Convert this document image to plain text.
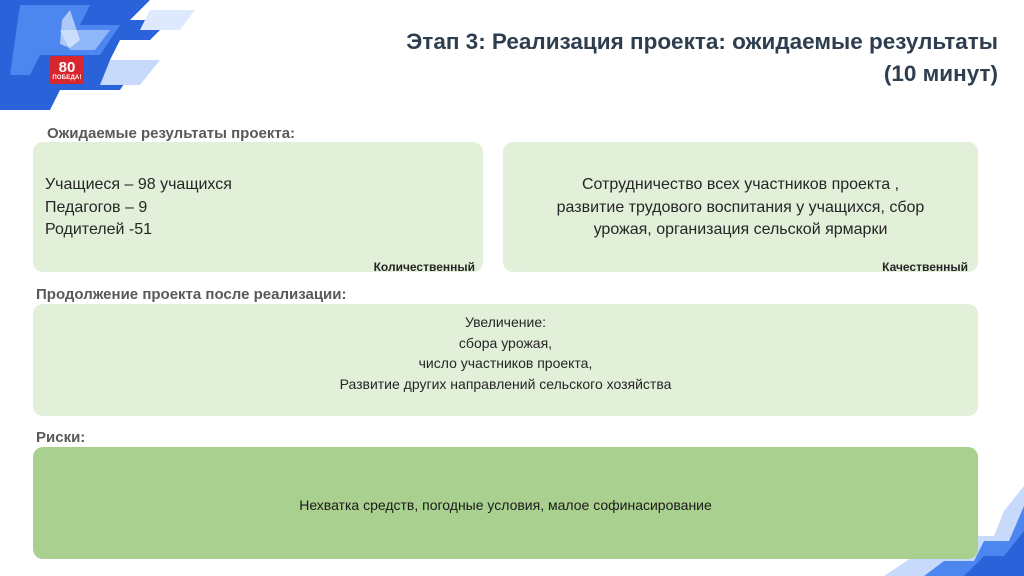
80
ПОБЕДА!
Этап 3: Реализация проекта: ожидаемые результаты
(10 минут)
Ожидаемые результаты проекта:
Учащиеся – 98 учащихся
Педагогов – 9
Родителей -51
Количественный
Сотрудничество всех участников проекта ,
развитие трудового воспитания у учащихся, сбор
урожая, организация сельской ярмарки
Качественный
Продолжение проекта после реализации:
Увеличение:
сбора урожая,
число участников проекта,
Развитие других направлений сельского хозяйства
Риски:
Нехватка средств, погодные условия, малое софинасирование
